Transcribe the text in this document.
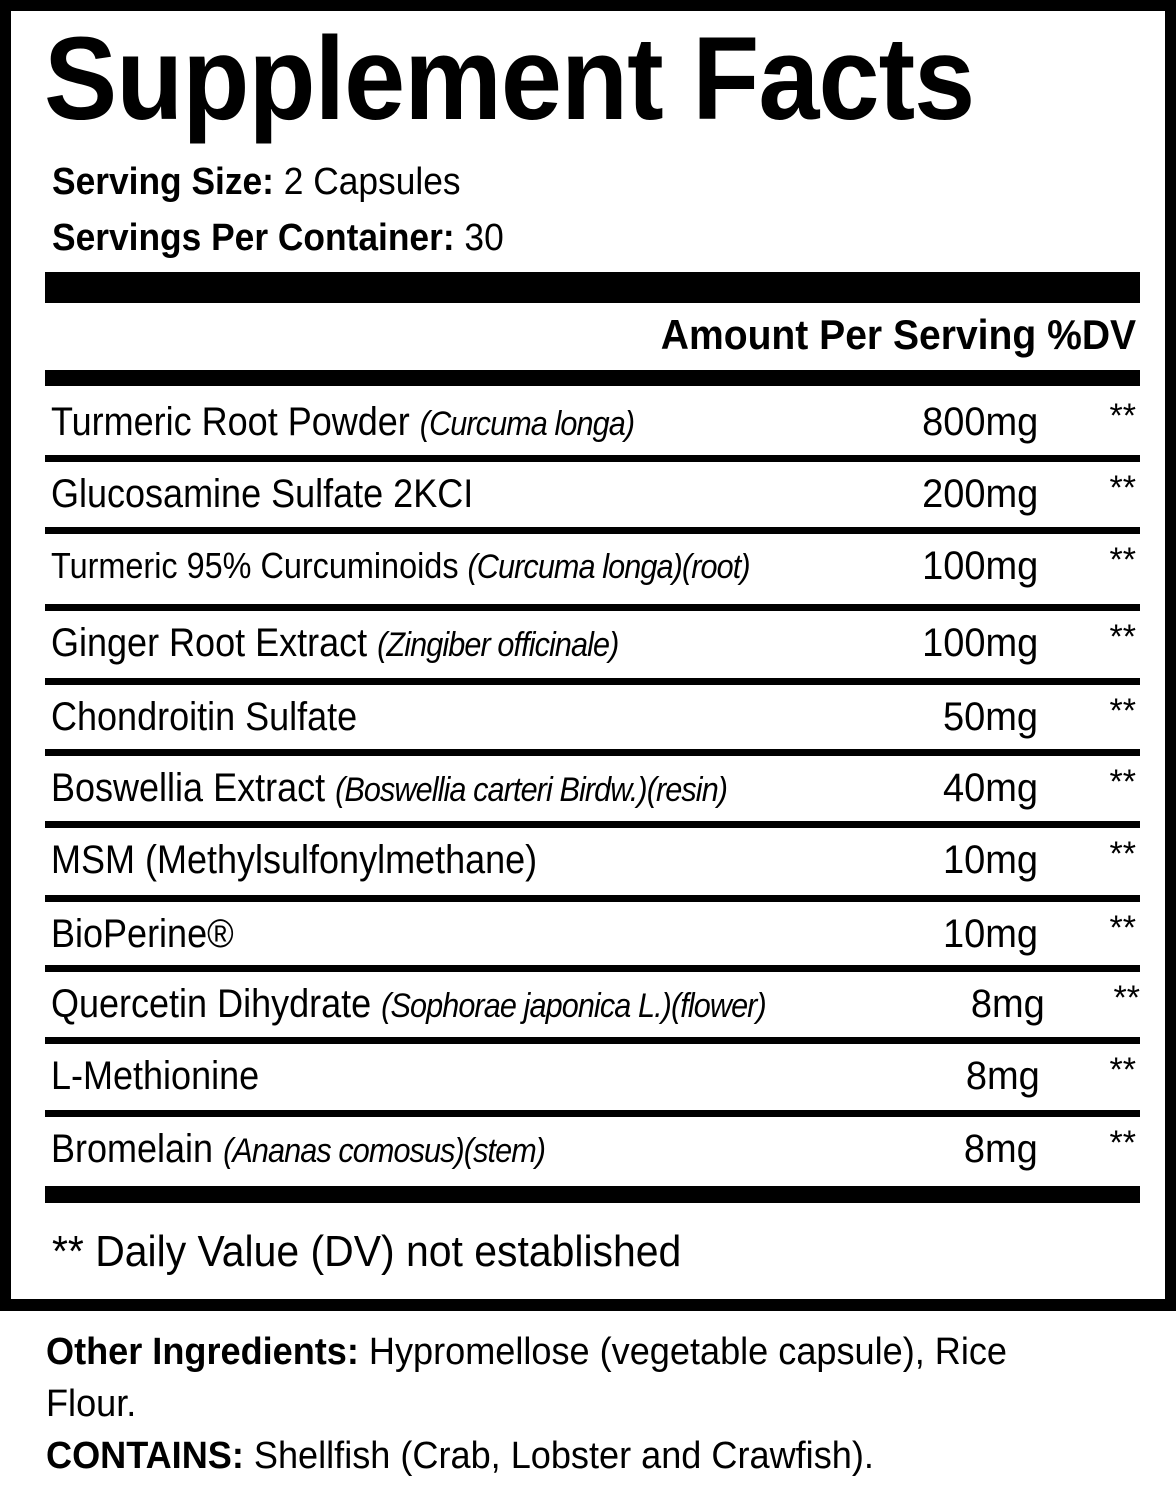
Supplement Facts
Serving Size: 2 Capsules
Servings Per Container: 30
Amount Per Serving %DV
Turmeric Root Powder (Curcuma longa)	800mg **
Glucosamine Sulfate 2KCI	200mg **
Turmeric 95% Curcuminoids (Curcuma longa)(root)	100mg **
Ginger Root Extract (Zingiber officinale)	100mg **
Chondroitin Sulfate	50mg **
Boswellia Extract (Boswellia carteri Birdw.)(resin)	40mg **
MSM (Methylsulfonylmethane)	10mg **
BioPerine®	10mg **
Quercetin Dihydrate (Sophorae japonica L.)(flower)	8mg **
L-Methionine	8mg **
Bromelain (Ananas comosus)(stem)	8mg **
** Daily Value (DV) not established
Other Ingredients: Hypromellose (vegetable capsule), Rice Flour.
CONTAINS: Shellfish (Crab, Lobster and Crawfish).
